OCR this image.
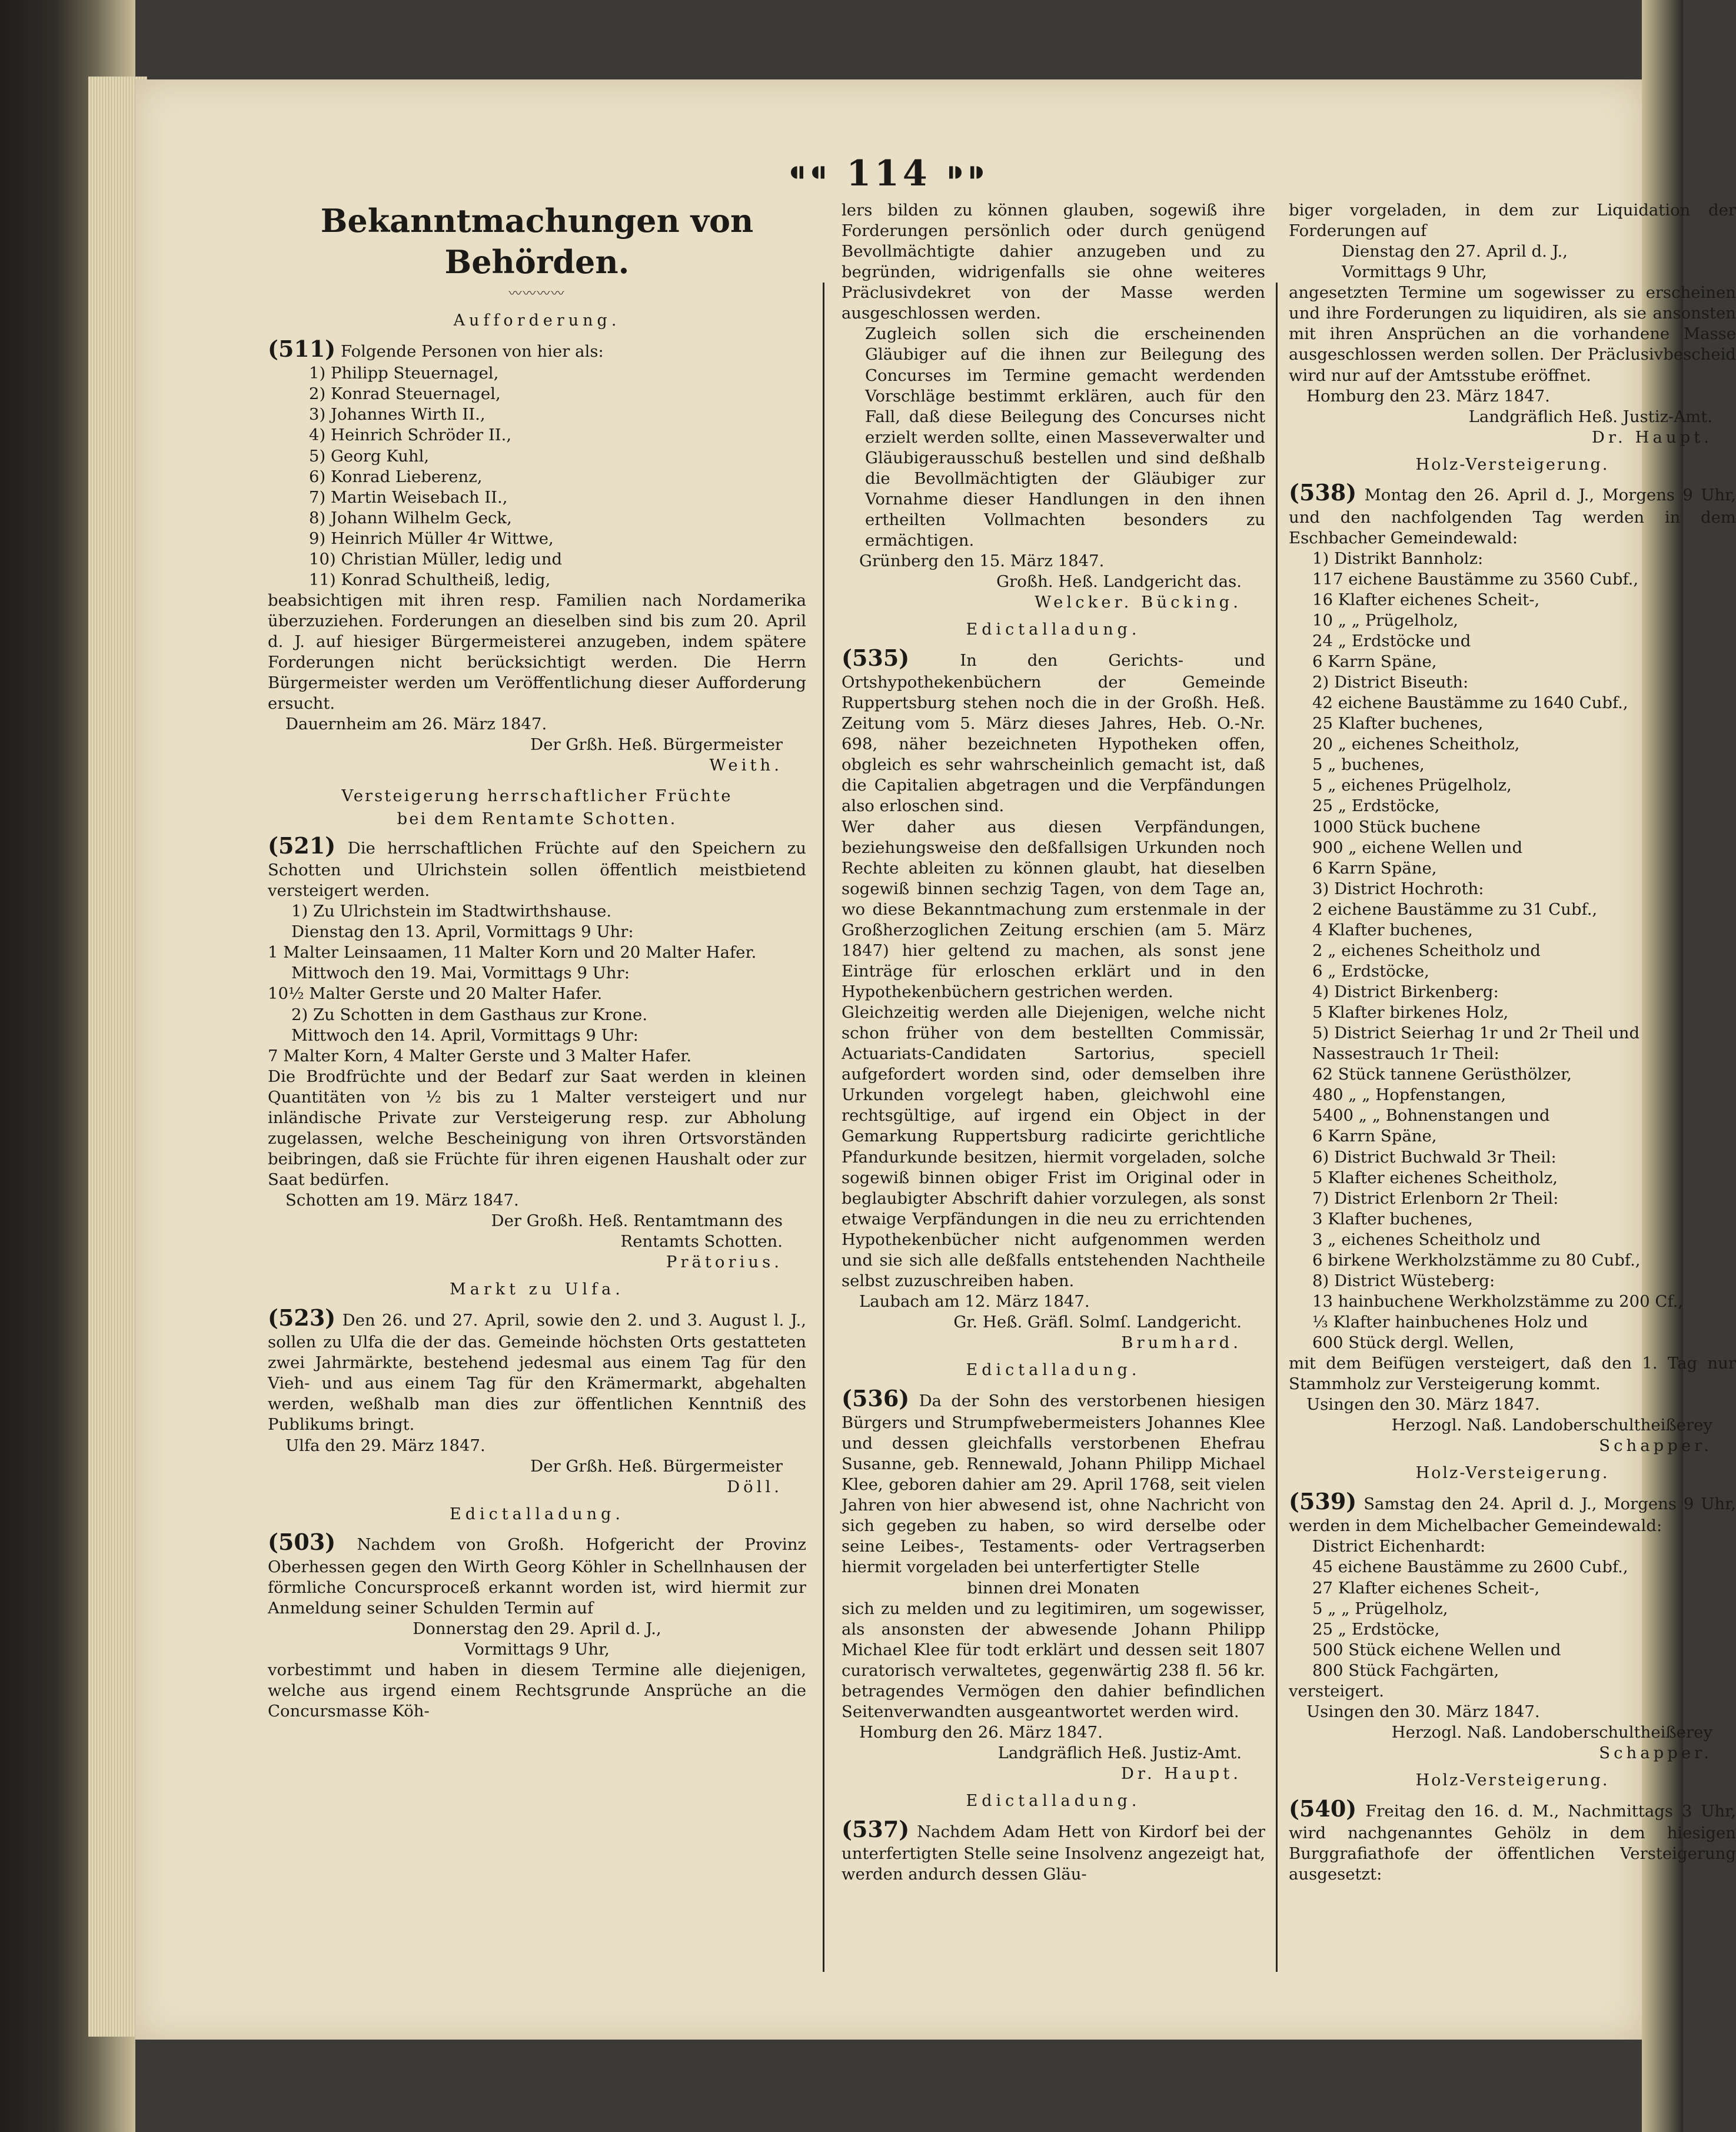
⁌⁌ 114 ⁍⁍
Bekanntmachungen von Behörden.
〰〰〰〰
Aufforderung.

(511) Folgende Personen von hier als:

1) Philipp Steuernagel,
2) Konrad Steuernagel,
3) Johannes Wirth II.,
4) Heinrich Schröder II.,
5) Georg Kuhl,
6) Konrad Lieberenz,
7) Martin Weisebach II.,
8) Johann Wilhelm Geck,
9) Heinrich Müller 4r Wittwe,
10) Christian Müller, ledig und
11) Konrad Schultheiß, ledig,

beabsichtigen mit ihren resp. Familien nach Nordamerika überzuziehen. Forderungen an dieselben sind bis zum 20. April d. J. auf hiesiger Bürgermeisterei anzugeben, indem spätere Forderungen nicht berücksichtigt werden. Die Herrn Bürgermeister werden um Veröffentlichung dieser Aufforderung ersucht.

Dauernheim am 26. März 1847.

Der Grßh. Heß. Bürgermeister

Weith.

Versteigerung herrschaftlicher Früchte
bei dem Rentamte Schotten.

(521) Die herrschaftlichen Früchte auf den Speichern zu Schotten und Ulrichstein sollen öffentlich meistbietend versteigert werden.

1) Zu Ulrichstein im Stadtwirthshause.

Dienstag den 13. April, Vormittags 9 Uhr:

1 Malter Leinsaamen, 11 Malter Korn und 20 Malter Hafer.

Mittwoch den 19. Mai, Vormittags 9 Uhr:

10½ Malter Gerste und 20 Malter Hafer.

2) Zu Schotten in dem Gasthaus zur Krone.

Mittwoch den 14. April, Vormittags 9 Uhr:

7 Malter Korn, 4 Malter Gerste und 3 Malter Hafer.

Die Brodfrüchte und der Bedarf zur Saat werden in kleinen Quantitäten von ½ bis zu 1 Malter versteigert und nur inländische Private zur Versteigerung resp. zur Abholung zugelassen, welche Bescheinigung von ihren Ortsvorständen beibringen, daß sie Früchte für ihren eigenen Haushalt oder zur Saat bedürfen.

Schotten am 19. März 1847.

Der Großh. Heß. Rentamtmann des

Rentamts Schotten.

Prätorius.

Markt zu Ulfa.

(523) Den 26. und 27. April, sowie den 2. und 3. August l. J., sollen zu Ulfa die der das. Gemeinde höchsten Orts gestatteten zwei Jahrmärkte, bestehend jedesmal aus einem Tag für den Vieh- und aus einem Tag für den Krämermarkt, abgehalten werden, weßhalb man dies zur öffentlichen Kenntniß des Publikums bringt.

Ulfa den 29. März 1847.

Der Grßh. Heß. Bürgermeister

Döll.

Edictalladung.

(503) Nachdem von Großh. Hofgericht der Provinz Oberhessen gegen den Wirth Georg Köhler in Schellnhausen der förmliche Concursproceß erkannt worden ist, wird hiermit zur Anmeldung seiner Schulden Termin auf

Donnerstag den 29. April d. J.,

Vormittags 9 Uhr,

vorbestimmt und haben in diesem Termine alle diejenigen, welche aus irgend einem Rechtsgrunde Ansprüche an die Concursmasse Köh-

lers bilden zu können glauben, sogewiß ihre Forderungen persönlich oder durch genügend Bevollmächtigte dahier anzugeben und zu begründen, widrigenfalls sie ohne weiteres Präclusivdekret von der Masse werden ausgeschlossen werden.

Zugleich sollen sich die erscheinenden Gläubiger auf die ihnen zur Beilegung des Concurses im Termine gemacht werdenden Vorschläge bestimmt erklären, auch für den Fall, daß diese Beilegung des Concurses nicht erzielt werden sollte, einen Masseverwalter und Gläubigerausschuß bestellen und sind deßhalb die Bevollmächtigten der Gläubiger zur Vornahme dieser Handlungen in den ihnen ertheilten Vollmachten besonders zu ermächtigen.

Grünberg den 15. März 1847.

Großh. Heß. Landgericht das.

Welcker. Bücking.

Edictalladung.

(535)	In den Gerichts- und Ortshypothekenbüchern der Gemeinde Ruppertsburg stehen noch die in der Großh. Heß. Zeitung vom 5. März dieses Jahres, Heb. O.-Nr. 698, näher bezeichneten Hypotheken offen, obgleich es sehr wahrscheinlich gemacht ist, daß die Capitalien abgetragen und die Verpfändungen also erloschen sind.

Wer daher aus diesen Verpfändungen, beziehungsweise den deßfallsigen Urkunden noch Rechte ableiten zu können glaubt, hat dieselben sogewiß binnen sechzig Tagen, von dem Tage an, wo diese Bekanntmachung zum erstenmale in der Großherzoglichen Zeitung erschien (am 5. März 1847) hier geltend zu machen, als sonst jene Einträge für erloschen erklärt und in den Hypothekenbüchern gestrichen werden.

Gleichzeitig werden alle Diejenigen, welche nicht schon früher von dem bestellten Commissär, Actuariats-Candidaten Sartorius, speciell aufgefordert worden sind, oder demselben ihre Urkunden vorgelegt haben, gleichwohl eine rechtsgültige, auf irgend ein Object in der Gemarkung Ruppertsburg radicirte gerichtliche Pfandurkunde besitzen, hiermit vorgeladen, solche sogewiß binnen obiger Frist im Original oder in beglaubigter Abschrift dahier vorzulegen, als sonst etwaige Verpfändungen in die neu zu errichtenden Hypothekenbücher nicht aufgenommen werden und sie sich alle deßfalls entstehenden Nachtheile selbst zuzuschreiben haben.

Laubach am 12. März 1847.

Gr. Heß. Gräfl. Solmſ. Landgericht.

Brumhard.

Edictalladung.

(536) Da der Sohn des verstorbenen hiesigen Bürgers und Strumpfwebermeisters Johannes Klee und dessen gleichfalls verstorbenen Ehefrau Susanne, geb. Rennewald, Johann Philipp Michael Klee, geboren dahier am 29. April 1768, seit vielen Jahren von hier abwesend ist, ohne Nachricht von sich gegeben zu haben, so wird derselbe oder seine Leibes-, Testaments- oder Vertragserben hiermit vorgeladen bei unterfertigter Stelle

binnen drei Monaten

sich zu melden und zu legitimiren, um sogewisser, als ansonsten der abwesende Johann Philipp Michael Klee für todt erklärt und dessen seit 1807 curatorisch verwaltetes, gegenwärtig 238 fl. 56 kr. betragendes Vermögen den dahier befindlichen Seitenverwandten ausgeantwortet werden wird.

Homburg den 26. März 1847.

Landgräflich Heß. Justiz-Amt.

Dr. Haupt.

Edictalladung.

(537) Nachdem Adam Hett von Kirdorf bei der unterfertigten Stelle seine Insolvenz angezeigt hat, werden andurch dessen Gläu-

biger vorgeladen, in dem zur Liquidation der Forderungen auf

Dienstag den 27. April d. J.,

Vormittags 9 Uhr,

angesetzten Termine um sogewisser zu erscheinen und ihre Forderungen zu liquidiren, als sie ansonsten mit ihren Ansprüchen an die vorhandene Masse ausgeschlossen werden sollen. Der Präclusivbescheid wird nur auf der Amtsstube eröffnet.

Homburg den 23. März 1847.

Landgräflich Heß. Justiz-Amt.

Dr. Haupt.

Holz-Versteigerung.

(538) Montag den 26. April d. J., Morgens 9 Uhr, und den nachfolgenden Tag werden in dem Eschbacher Gemeindewald:

1) Distrikt Bannholz:
117 eichene Baustämme zu 3560 Cubf.,
16 Klafter eichenes Scheit-,
10 „ „ Prügelholz,
24 „ Erdstöcke und
6 Karrn Späne,
2) District Biseuth:
42 eichene Baustämme zu 1640 Cubf.,
25 Klafter buchenes,
20 „ eichenes Scheitholz,
5 „ buchenes,
5 „ eichenes Prügelholz,
25 „ Erdstöcke,
1000 Stück buchene
900 „ eichene Wellen und
6 Karrn Späne,
3) District Hochroth:
2 eichene Baustämme zu 31 Cubf.,
4 Klafter buchenes,
2 „ eichenes Scheitholz und
6 „ Erdstöcke,
4) District Birkenberg:
5 Klafter birkenes Holz,
5) District Seierhag 1r und 2r Theil und
Nassestrauch 1r Theil:
62 Stück tannene Gerüsthölzer,
480 „ „ Hopfenstangen,
5400 „ „ Bohnenstangen und
6 Karrn Späne,
6) District Buchwald 3r Theil:
5 Klafter eichenes Scheitholz,
7) District Erlenborn 2r Theil:
3 Klafter buchenes,
3 „ eichenes Scheitholz und
6 birkene Werkholzstämme zu 80 Cubf.,
8) District Wüsteberg:
13 hainbuchene Werkholzstämme zu 200 Cf.,
⅓ Klafter hainbuchenes Holz und
600 Stück dergl. Wellen,

mit dem Beifügen versteigert, daß den 1. Tag nur Stammholz zur Versteigerung kommt.

Usingen den 30. März 1847.

Herzogl. Naß. Landoberschultheißerey

Schapper.

Holz-Versteigerung.

(539) Samstag den 24. April d. J., Morgens 9 Uhr, werden in dem Michelbacher Gemeindewald:

District Eichenhardt:
45 eichene Baustämme zu 2600 Cubf.,
27 Klafter eichenes Scheit-,
5 „ „ Prügelholz,
25 „ Erdstöcke,
500 Stück eichene Wellen und
800 Stück Fachgärten,

versteigert.

Usingen den 30. März 1847.

Herzogl. Naß. Landoberschultheißerey

Schapper.

Holz-Versteigerung.

(540) Freitag den 16. d. M., Nachmittags 3 Uhr, wird nachgenanntes Gehölz in dem hiesigen Burggrafiathofe der öffentlichen Versteigerung ausgesetzt:
